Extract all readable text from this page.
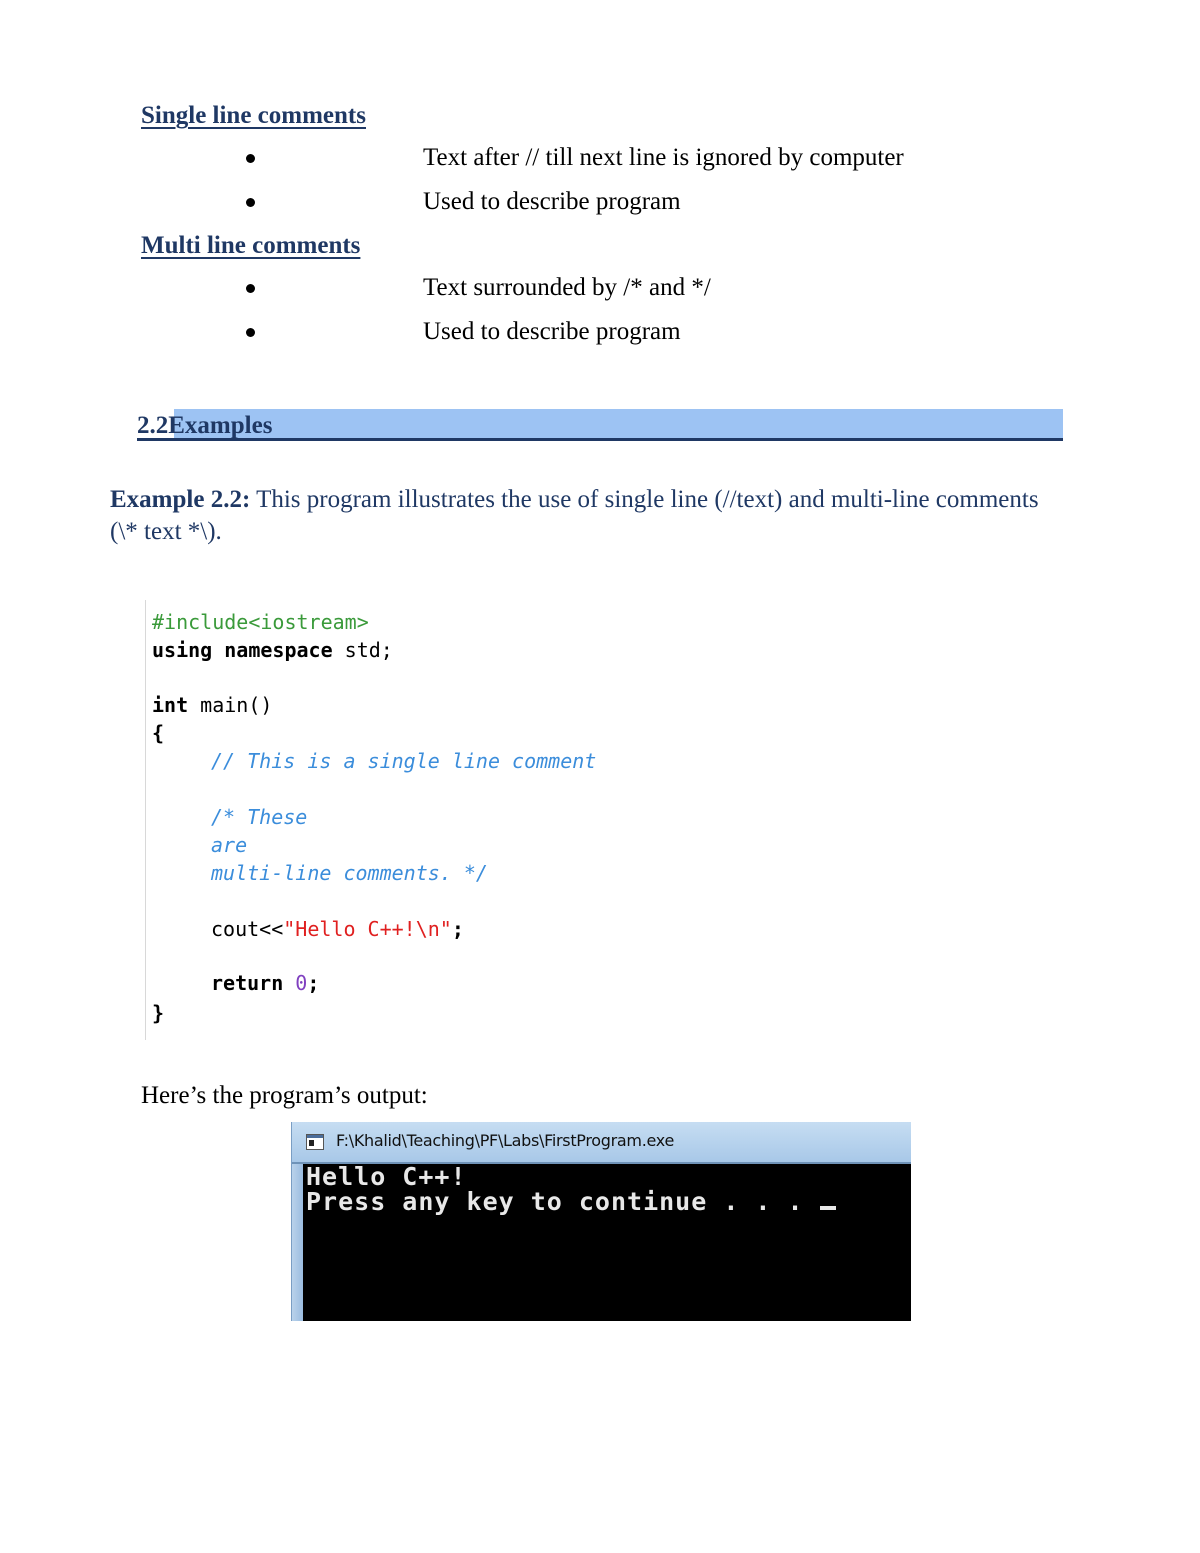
Single line comments
Text after // till next line is ignored by computer
Used to describe program
Multi line comments
Text surrounded by /* and */
Used to describe program
2.2Examples
Example 2.2: This program illustrates the use of single line (//text) and multi-line comments (\* text *\).
#include<iostream>
using namespace std;
int main()
{
// This is a single line comment
/* These
are
multi-line comments. */
cout<<"Hello C++!\n";
return 0;
}
Here’s the program’s output:
F:\Khalid\Teaching\PF\Labs\FirstProgram.exe
Hello C++!
Press any key to continue . . .
